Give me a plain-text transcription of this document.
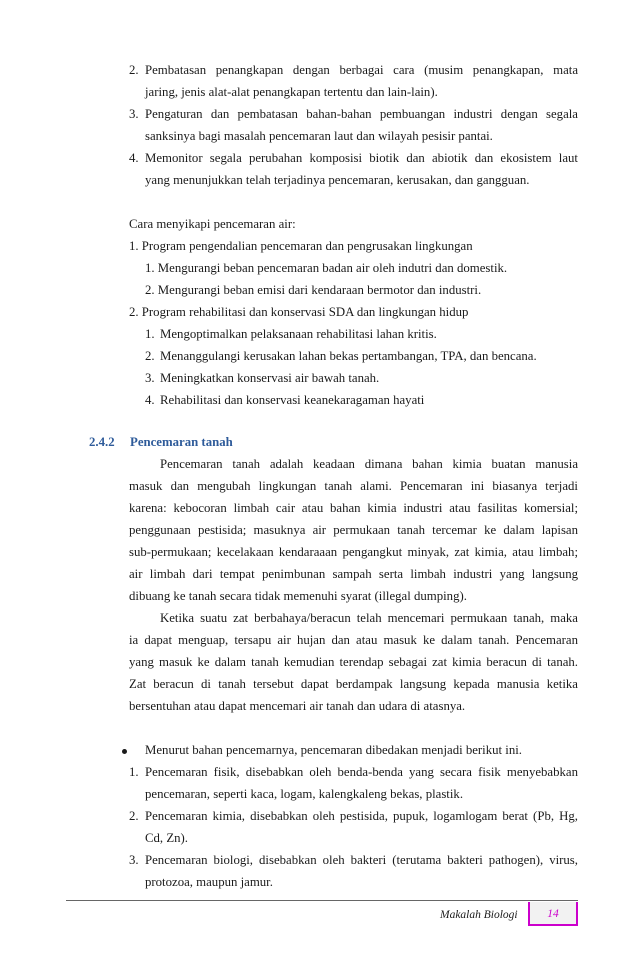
2. Pembatasan penangkapan dengan berbagai cara (musim penangkapan, mata
jaring, jenis alat-alat penangkapan tertentu dan lain-lain).
3. Pengaturan dan pembatasan bahan-bahan pembuangan industri dengan segala
sanksinya bagi masalah pencemaran laut dan wilayah pesisir pantai.
4. Memonitor segala perubahan komposisi biotik dan abiotik dan ekosistem laut
yang menunjukkan telah terjadinya pencemaran, kerusakan, dan gangguan.
Cara menyikapi pencemaran air:
1. Program pengendalian pencemaran dan pengrusakan lingkungan
1. Mengurangi beban pencemaran badan air oleh indutri dan domestik.
2. Mengurangi beban emisi dari kendaraan bermotor dan industri.
2. Program rehabilitasi dan konservasi SDA dan lingkungan hidup
1. Mengoptimalkan pelaksanaan rehabilitasi lahan kritis.
2. Menanggulangi kerusakan lahan bekas pertambangan, TPA, dan bencana.
3. Meningkatkan konservasi air bawah tanah.
4. Rehabilitasi dan konservasi keanekaragaman hayati
2.4.2 Pencemaran tanah
Pencemaran tanah adalah keadaan dimana bahan kimia buatan manusia
masuk dan mengubah lingkungan tanah alami. Pencemaran ini biasanya terjadi
karena: kebocoran limbah cair atau bahan kimia industri atau fasilitas komersial;
penggunaan pestisida; masuknya air permukaan tanah tercemar ke dalam lapisan
sub-permukaan; kecelakaan kendaraaan pengangkut minyak, zat kimia, atau limbah;
air limbah dari tempat penimbunan sampah serta limbah industri yang langsung
dibuang ke tanah secara tidak memenuhi syarat (illegal dumping).
Ketika suatu zat berbahaya/beracun telah mencemari permukaan tanah, maka
ia dapat menguap, tersapu air hujan dan atau masuk ke dalam tanah. Pencemaran
yang masuk ke dalam tanah kemudian terendap sebagai zat kimia beracun di tanah.
Zat beracun di tanah tersebut dapat berdampak langsung kepada manusia ketika
bersentuhan atau dapat mencemari air tanah dan udara di atasnya.
Menurut bahan pencemarnya, pencemaran dibedakan menjadi berikut ini.
1. Pencemaran fisik, disebabkan oleh benda-benda yang secara fisik menyebabkan
pencemaran, seperti kaca, logam, kalengkaleng bekas, plastik.
2. Pencemaran kimia, disebabkan oleh pestisida, pupuk, logamlogam berat (Pb, Hg,
Cd, Zn).
3. Pencemaran biologi, disebabkan oleh bakteri (terutama bakteri pathogen), virus,
protozoa, maupun jamur.
Makalah Biologi	14
